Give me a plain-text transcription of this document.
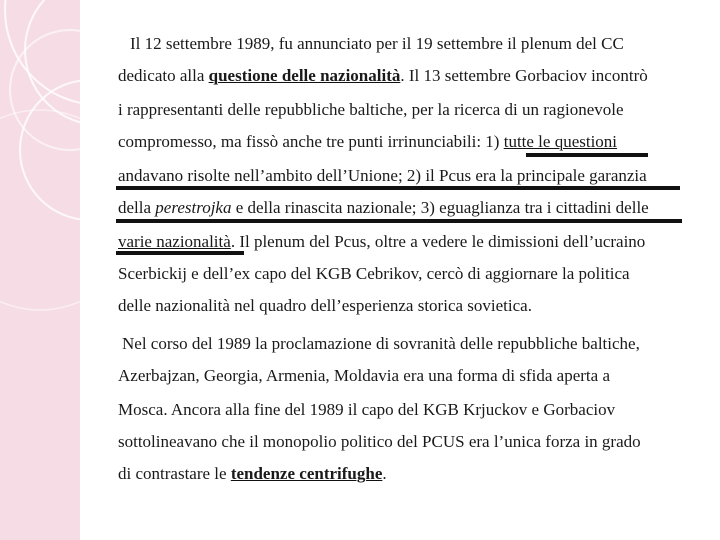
Il 12 settembre 1989, fu annunciato per il 19 settembre il plenum del CC
dedicato alla questione delle nazionalità. Il 13 settembre Gorbaciov incontrò
i rappresentanti delle repubbliche baltiche, per la ricerca di un ragionevole
compromesso, ma fissò anche tre punti irrinunciabili: 1) tutte le questioni
andavano risolte nell’ambito dell’Unione; 2) il Pcus era la principale garanzia
della perestrojka e della rinascita nazionale; 3) eguaglianza tra i cittadini delle
varie nazionalità. Il plenum del Pcus, oltre a vedere le dimissioni dell’ucraino
Scerbickij e dell’ex capo del KGB Cebrikov, cercò di aggiornare la politica
delle nazionalità nel quadro dell’esperienza storica sovietica.
Nel corso del 1989 la proclamazione di sovranità delle repubbliche baltiche,
Azerbajzan, Georgia, Armenia, Moldavia era una forma di sfida aperta a
Mosca. Ancora alla fine del 1989 il capo del KGB Krjuckov e Gorbaciov
sottolineavano che il monopolio politico del PCUS era l’unica forza in grado
di contrastare le tendenze centrifughe.
